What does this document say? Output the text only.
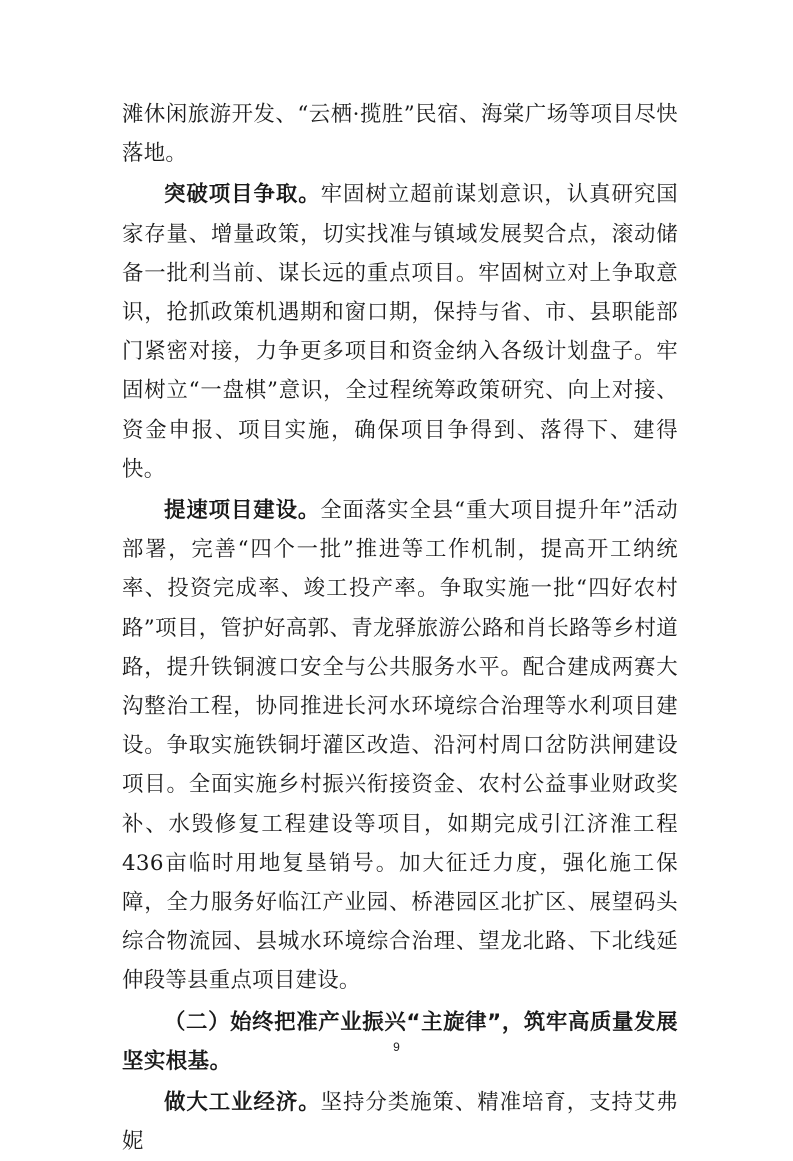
滩休闲旅游开发、“云栖·揽胜”民宿、海棠广场等项目尽快落地。

突破项目争取。牢固树立超前谋划意识，认真研究国家存量、增量政策，切实找准与镇域发展契合点，滚动储备一批利当前、谋长远的重点项目。牢固树立对上争取意识，抢抓政策机遇期和窗口期，保持与省、市、县职能部门紧密对接，力争更多项目和资金纳入各级计划盘子。牢固树立“一盘棋”意识，全过程统筹政策研究、向上对接、资金申报、项目实施，确保项目争得到、落得下、建得快。

提速项目建设。全面落实全县“重大项目提升年”活动部署，完善“四个一批”推进等工作机制，提高开工纳统率、投资完成率、竣工投产率。争取实施一批“四好农村路”项目，管护好高郭、青龙驿旅游公路和肖长路等乡村道路，提升铁铜渡口安全与公共服务水平。配合建成两赛大沟整治工程，协同推进长河水环境综合治理等水利项目建设。争取实施铁铜圩灌区改造、沿河村周口岔防洪闸建设项目。全面实施乡村振兴衔接资金、农村公益事业财政奖补、水毁修复工程建设等项目，如期完成引江济淮工程436亩临时用地复垦销号。加大征迁力度，强化施工保障，全力服务好临江产业园、桥港园区北扩区、展望码头综合物流园、县城水环境综合治理、望龙北路、下北线延伸段等县重点项目建设。

（二）始终把准产业振兴“主旋律”，筑牢高质量发展坚实根基。

做大工业经济。坚持分类施策、精准培育，支持艾弗妮

9
